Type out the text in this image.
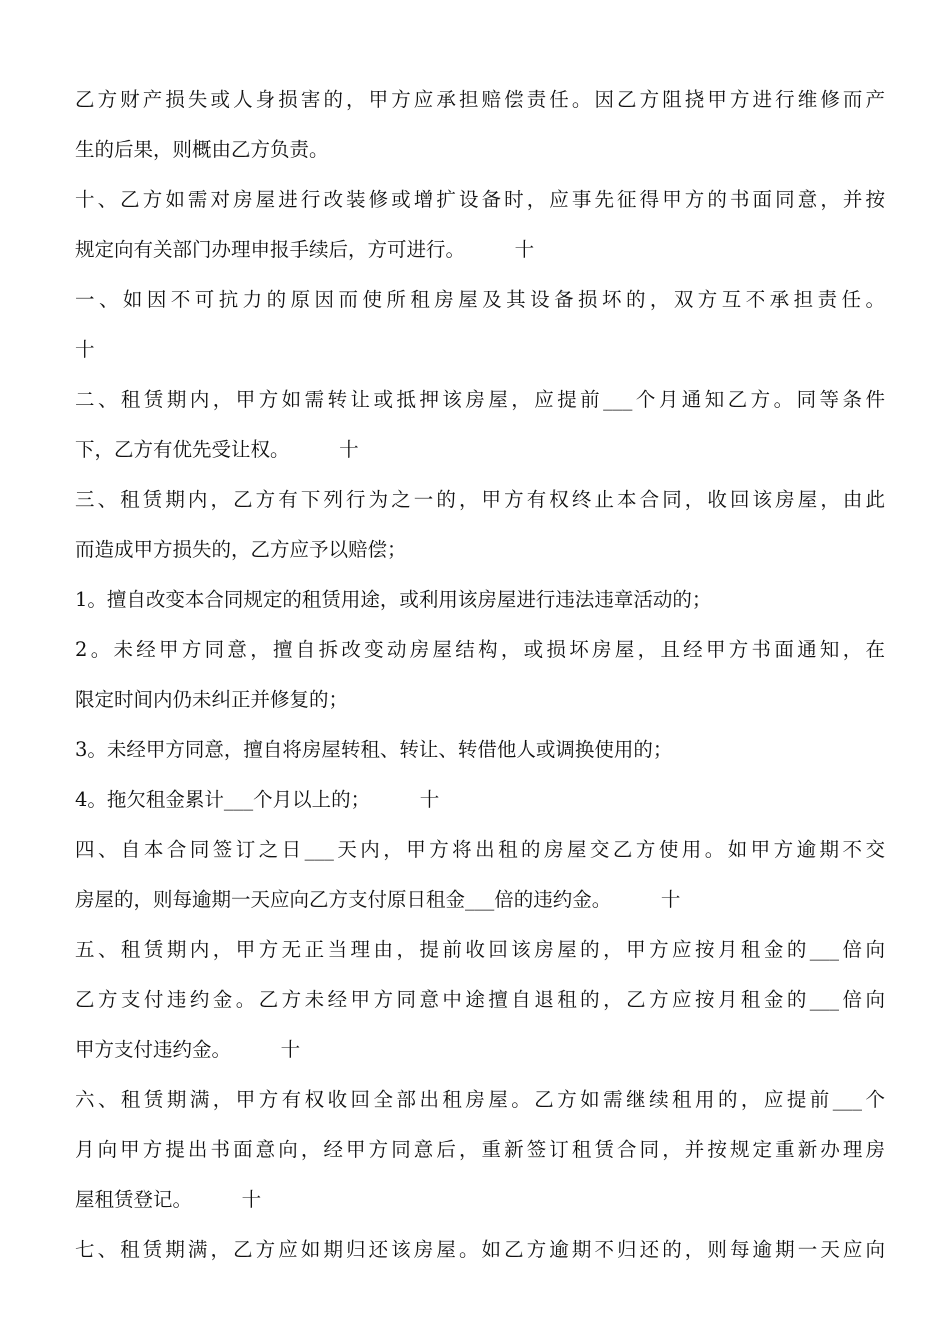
乙方财产损失或人身损害的，甲方应承担赔偿责任。因乙方阻挠甲方进行维修而产
生的后果，则概由乙方负责。
十、乙方如需对房屋进行改装修或增扩设备时，应事先征得甲方的书面同意，并按
规定向有关部门办理申报手续后，方可进行。        十
一、如因不可抗力的原因而使所租房屋及其设备损坏的，双方互不承担责任。
十
二、租赁期内，甲方如需转让或抵押该房屋，应提前___个月通知乙方。同等条件
下，乙方有优先受让权。        十
三、租赁期内，乙方有下列行为之一的，甲方有权终止本合同，收回该房屋，由此
而造成甲方损失的，乙方应予以赔偿；
1。擅自改变本合同规定的租赁用途，或利用该房屋进行违法违章活动的；
2。未经甲方同意，擅自拆改变动房屋结构，或损坏房屋，且经甲方书面通知，在
限定时间内仍未纠正并修复的；
3。未经甲方同意，擅自将房屋转租、转让、转借他人或调换使用的；
4。拖欠租金累计___个月以上的；        十
四、自本合同签订之日___天内，甲方将出租的房屋交乙方使用。如甲方逾期不交
房屋的，则每逾期一天应向乙方支付原日租金___倍的违约金。        十
五、租赁期内，甲方无正当理由，提前收回该房屋的，甲方应按月租金的___倍向
乙方支付违约金。乙方未经甲方同意中途擅自退租的，乙方应按月租金的___倍向
甲方支付违约金。        十
六、租赁期满，甲方有权收回全部出租房屋。乙方如需继续租用的，应提前___个
月向甲方提出书面意向，经甲方同意后，重新签订租赁合同，并按规定重新办理房
屋租赁登记。        十
七、租赁期满，乙方应如期归还该房屋。如乙方逾期不归还的，则每逾期一天应向
